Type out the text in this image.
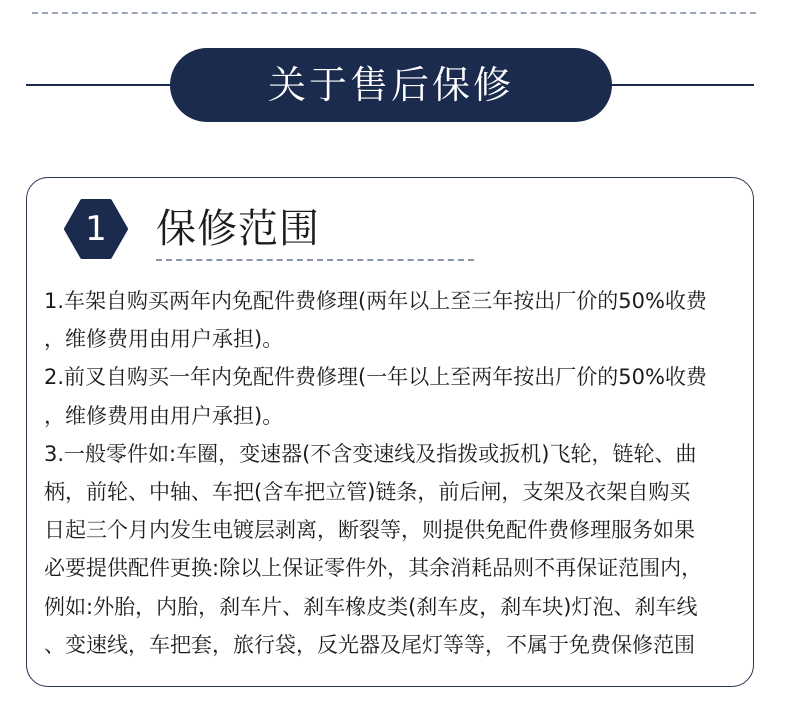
关于售后保修
1	保修范围
1.车架自购买两年内免配件费修理(两年以上至三年按出厂价的50%收费
，维修费用由用户承担)。
2.前叉自购买一年内免配件费修理(一年以上至两年按出厂价的50%收费
，维修费用由用户承担)。
3.一般零件如:车圈，变速器(不含变速线及指拨或扳机)飞轮，链轮、曲
柄，前轮、中轴、车把(含车把立管)链条，前后闸，支架及衣架自购买
日起三个月内发生电镀层剥离，断裂等，则提供免配件费修理服务如果
必要提供配件更换:除以上保证零件外，其余消耗品则不再保证范围内，
例如:外胎，内胎，刹车片、刹车橡皮类(刹车皮，刹车块)灯泡、刹车线
、变速线，车把套，旅行袋，反光器及尾灯等等，不属于免费保修范围
